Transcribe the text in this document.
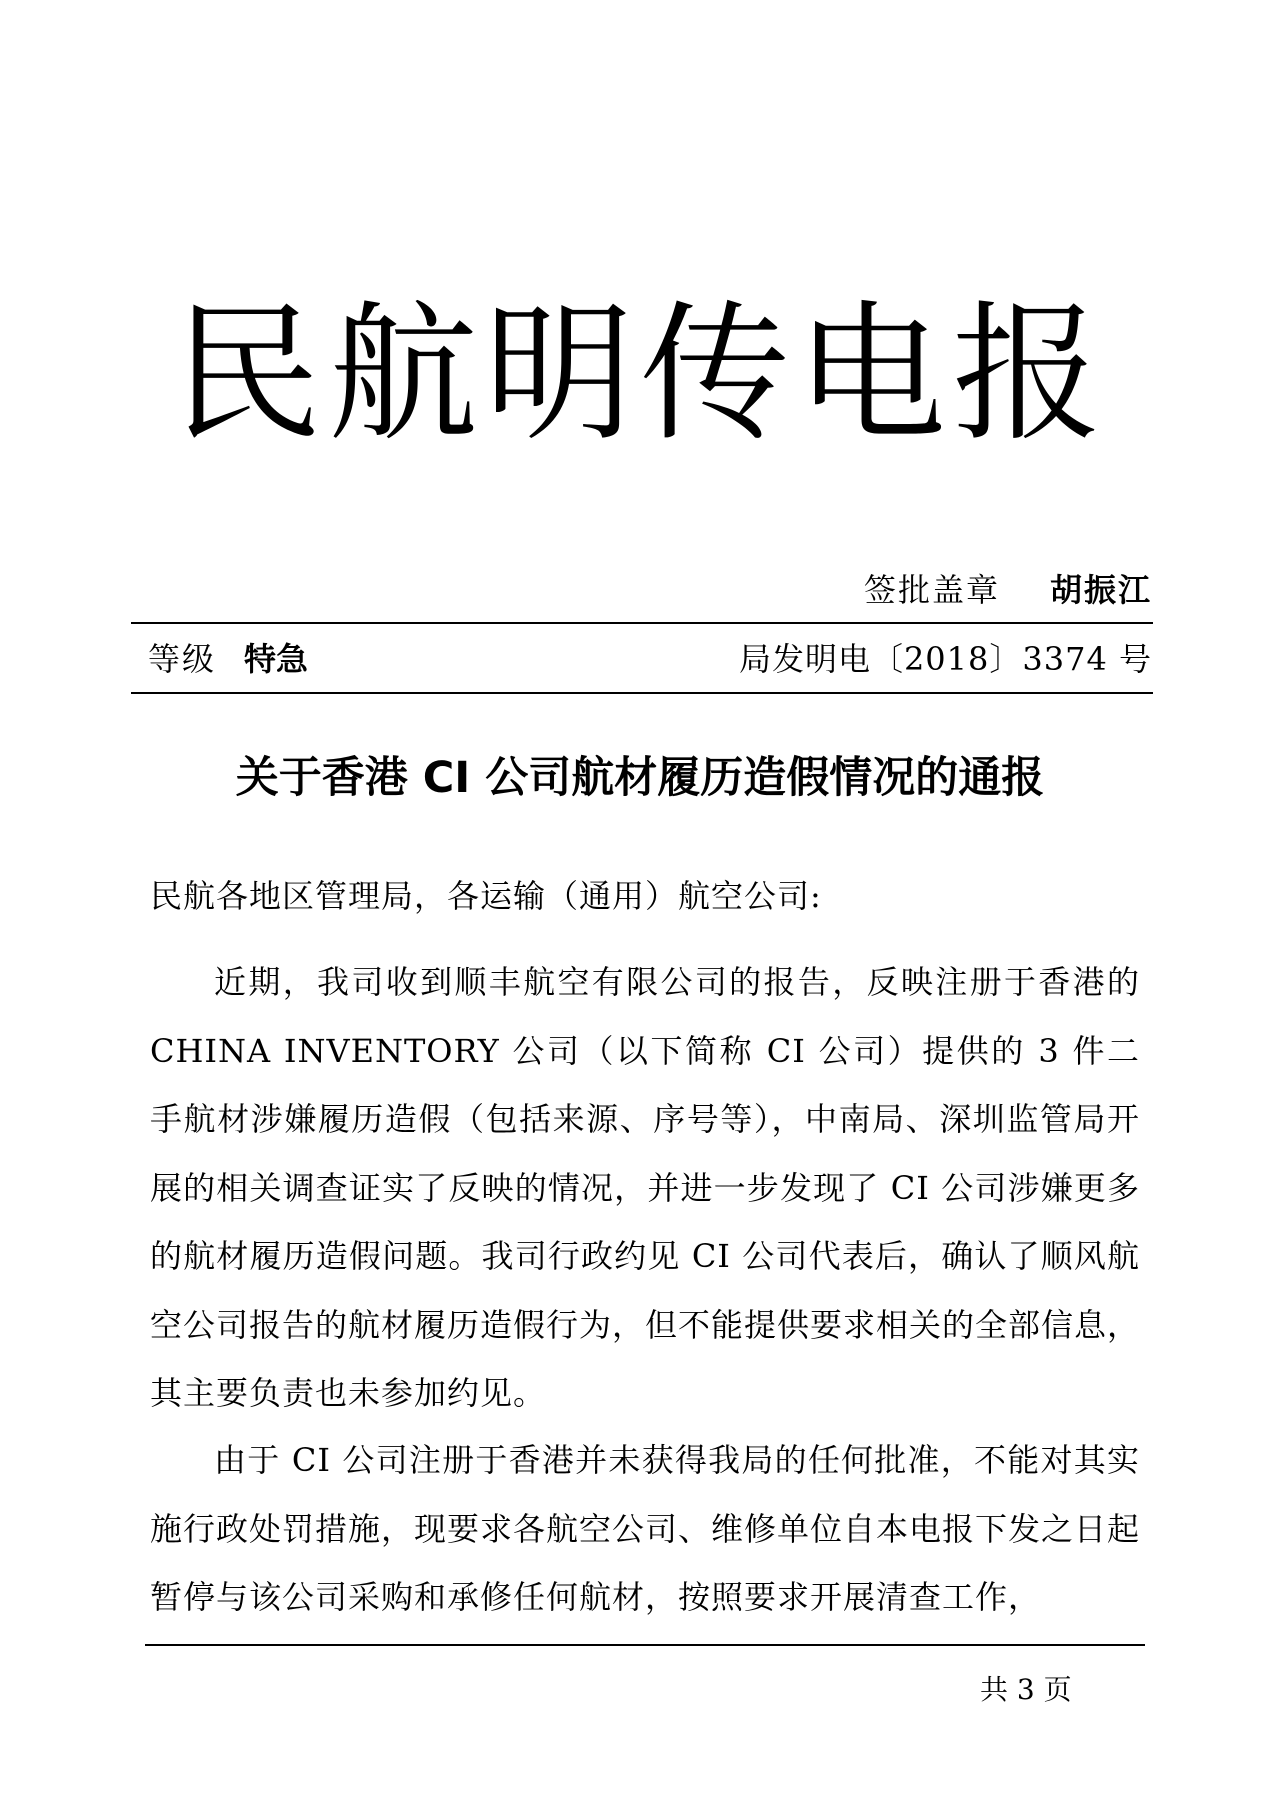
民航明传电报
签批盖章 胡振江
等级 特急	局发明电〔2018〕3374 号
关于香港 CI 公司航材履历造假情况的通报
民航各地区管理局，各运输（通用）航空公司:

近期，我司收到顺丰航空有限公司的报告，反映注册于香港的 CHINA INVENTORY 公司（以下简称 CI 公司）提供的 3 件二手航材涉嫌履历造假（包括来源、序号等），中南局、深圳监管局开展的相关调查证实了反映的情况，并进一步发现了 CI 公司涉嫌更多的航材履历造假问题。我司行政约见 CI 公司代表后，确认了顺风航空公司报告的航材履历造假行为，但不能提供要求相关的全部信息，其主要负责也未参加约见。

由于 CI 公司注册于香港并未获得我局的任何批准，不能对其实施行政处罚措施，现要求各航空公司、维修单位自本电报下发之日起暂停与该公司采购和承修任何航材，按照要求开展清查工作，

共 3 页
